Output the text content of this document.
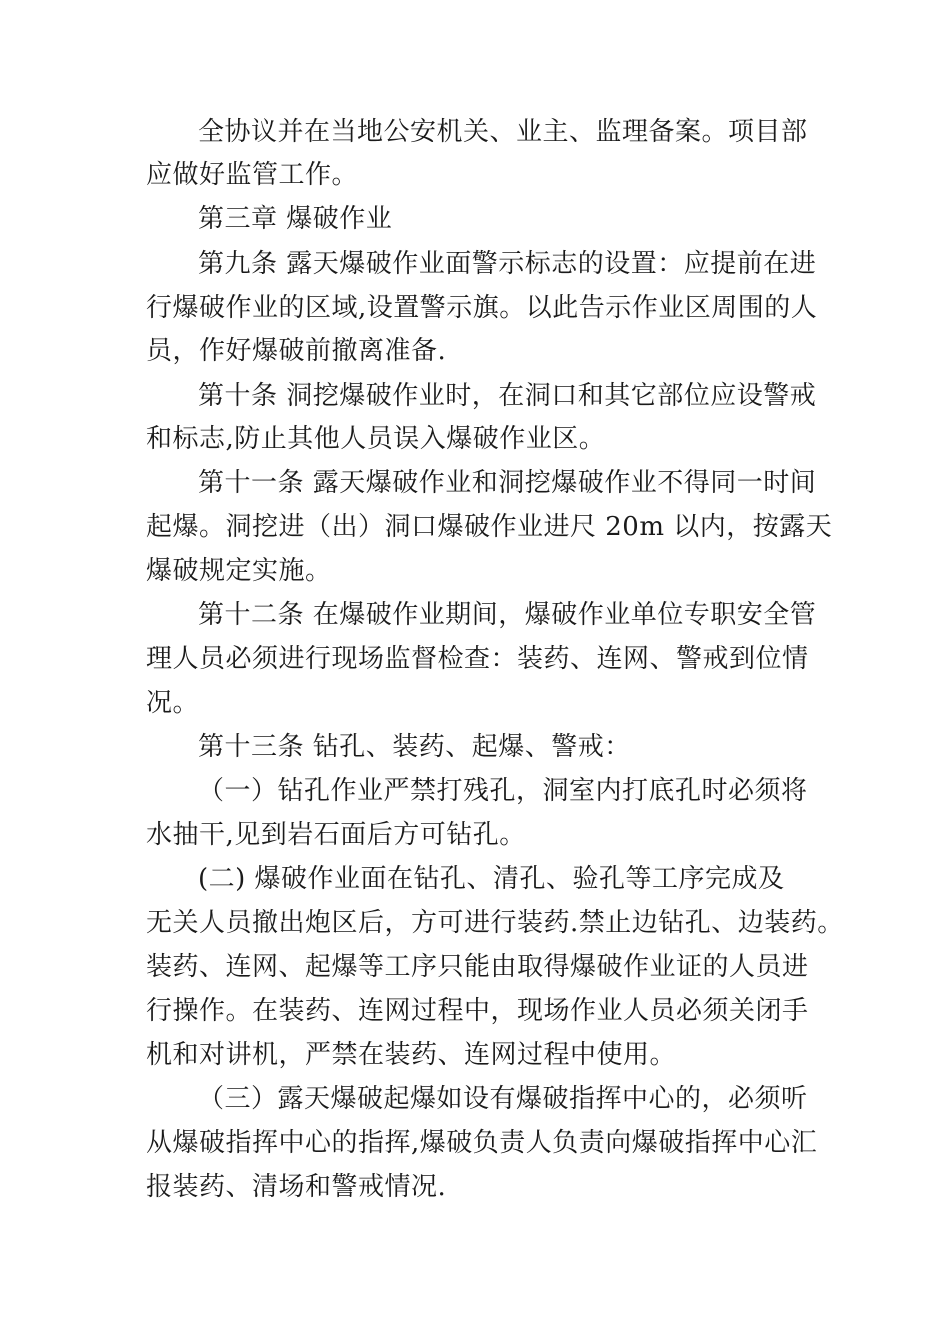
全协议并在当地公安机关、业主、监理备案。项目部
应做好监管工作。
第三章 爆破作业
第九条 露天爆破作业面警示标志的设置：应提前在进
行爆破作业的区域,设置警示旗。以此告示作业区周围的人
员，作好爆破前撤离准备.
第十条 洞挖爆破作业时，在洞口和其它部位应设警戒
和标志,防止其他人员误入爆破作业区。
第十一条 露天爆破作业和洞挖爆破作业不得同一时间
起爆。洞挖进（出）洞口爆破作业进尺 20m 以内，按露天
爆破规定实施。
第十二条 在爆破作业期间，爆破作业单位专职安全管
理人员必须进行现场监督检查：装药、连网、警戒到位情
况。
第十三条 钻孔、装药、起爆、警戒：
（一）钻孔作业严禁打残孔，洞室内打底孔时必须将
水抽干,见到岩石面后方可钻孔。
(二) 爆破作业面在钻孔、清孔、验孔等工序完成及
无关人员撤出炮区后，方可进行装药.禁止边钻孔、边装药。
装药、连网、起爆等工序只能由取得爆破作业证的人员进
行操作。在装药、连网过程中，现场作业人员必须关闭手
机和对讲机，严禁在装药、连网过程中使用。
（三）露天爆破起爆如设有爆破指挥中心的，必须听
从爆破指挥中心的指挥,爆破负责人负责向爆破指挥中心汇
报装药、清场和警戒情况.
